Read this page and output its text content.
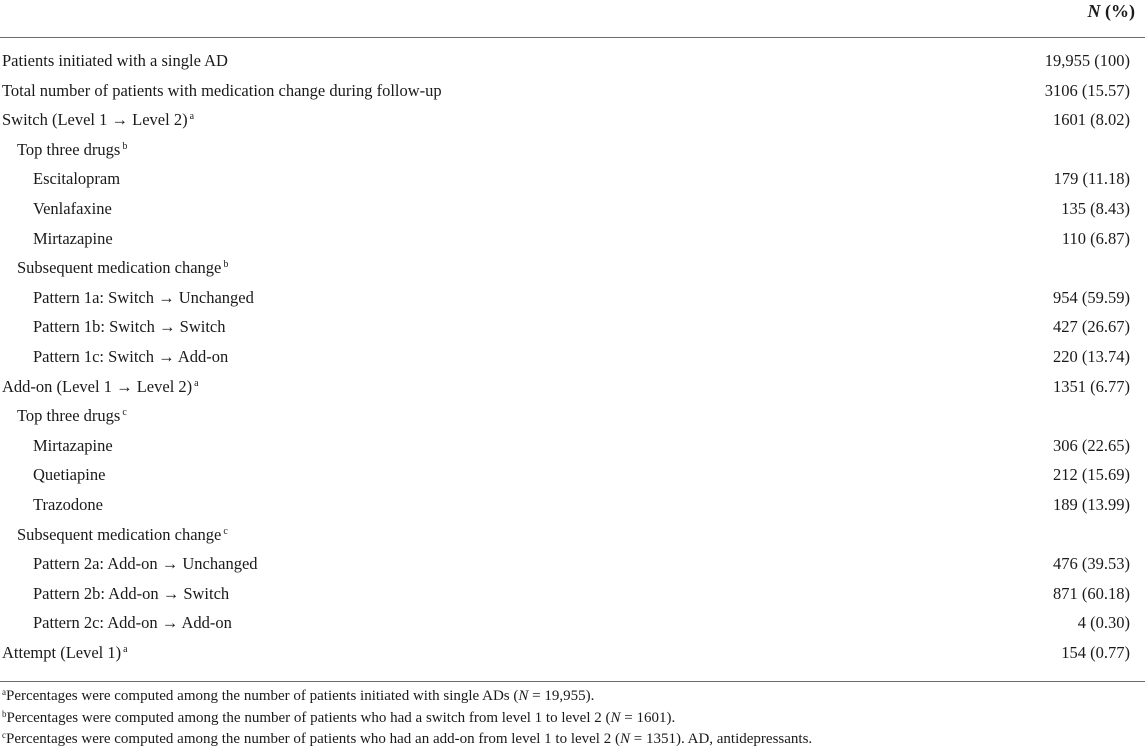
N (%)
Patients initiated with a single AD	19,955 (100)
Total number of patients with medication change during follow-up	3106 (15.57)
Switch (Level 1 → Level 2) $^a$	1601 (8.02)
Top three drugs $^b$
Escitalopram	179 (11.18)
Venlafaxine	135 (8.43)
Mirtazapine	110 (6.87)
Subsequent medication change $^b$
Pattern 1a: Switch → Unchanged	954 (59.59)
Pattern 1b: Switch → Switch	427 (26.67)
Pattern 1c: Switch → Add-on	220 (13.74)
Add-on (Level 1 → Level 2) $^a$	1351 (6.77)
Top three drugs $^c$
Mirtazapine	306 (22.65)
Quetiapine	212 (15.69)
Trazodone	189 (13.99)
Subsequent medication change $^c$
Pattern 2a: Add-on → Unchanged	476 (39.53)
Pattern 2b: Add-on → Switch	871 (60.18)
Pattern 2c: Add-on → Add-on	4 (0.30)
Attempt (Level 1) $^a$	154 (0.77)
$^a$Percentages were computed among the number of patients initiated with single ADs (N = 19,955).
$^b$Percentages were computed among the number of patients who had a switch from level 1 to level 2 (N = 1601).
$^c$Percentages were computed among the number of patients who had an add-on from level 1 to level 2 (N = 1351). AD, antidepressants.
